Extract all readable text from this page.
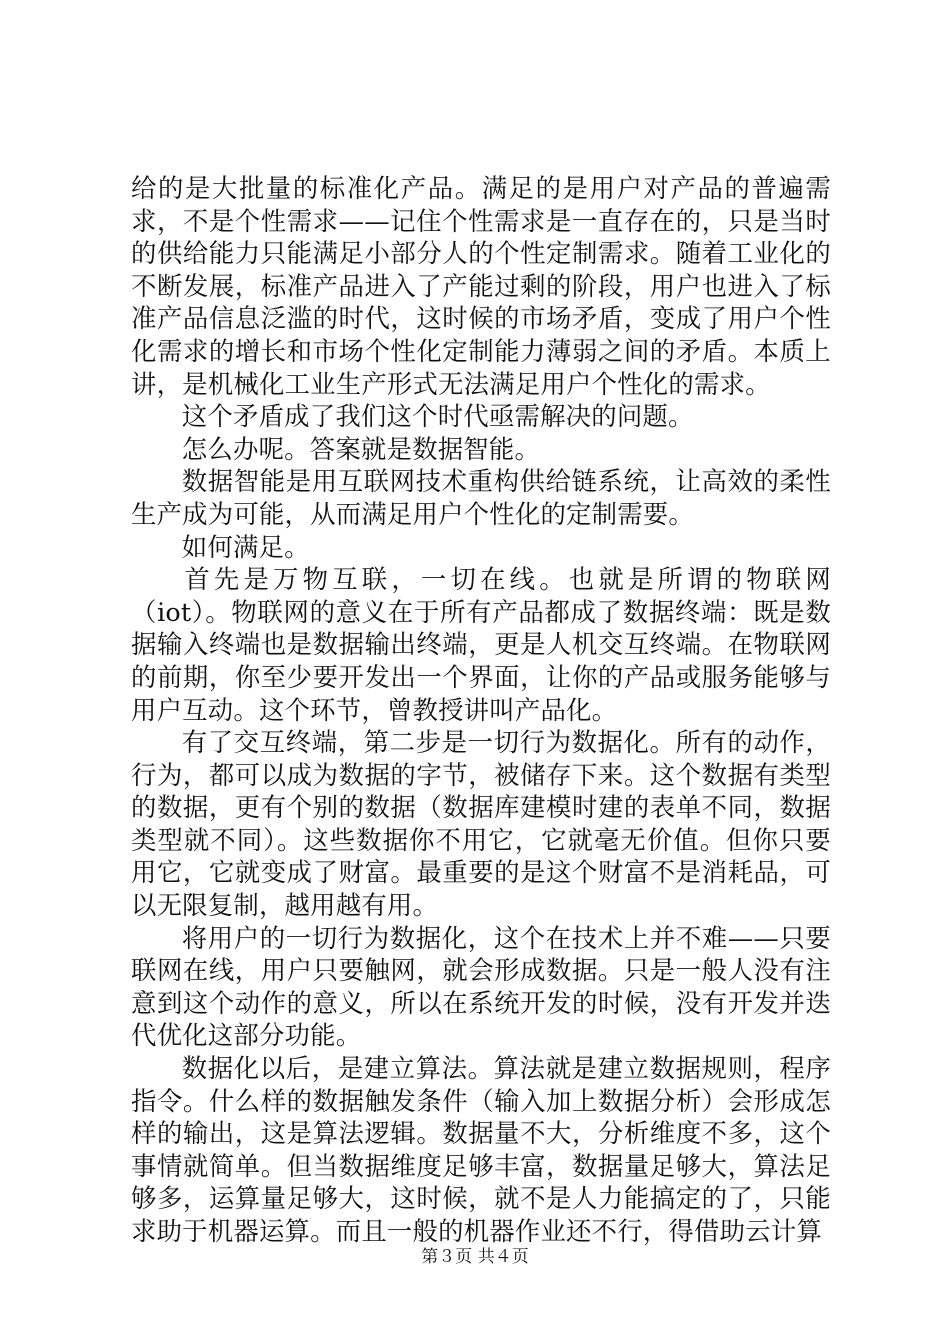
给的是大批量的标准化产品。满足的是用户对产品的普遍需求，不是个性需求——记住个性需求是一直存在的，只是当时的供给能力只能满足小部分人的个性定制需求。随着工业化的不断发展，标准产品进入了产能过剩的阶段，用户也进入了标准产品信息泛滥的时代，这时候的市场矛盾，变成了用户个性化需求的增长和市场个性化定制能力薄弱之间的矛盾。本质上讲，是机械化工业生产形式无法满足用户个性化的需求。

这个矛盾成了我们这个时代亟需解决的问题。

怎么办呢。答案就是数据智能。

数据智能是用互联网技术重构供给链系统，让高效的柔性生产成为可能，从而满足用户个性化的定制需要。

如何满足。

首先是万物互联，一切在线。也就是所谓的物联网（iot）。物联网的意义在于所有产品都成了数据终端：既是数据输入终端也是数据输出终端，更是人机交互终端。在物联网的前期，你至少要开发出一个界面，让你的产品或服务能够与用户互动。这个环节，曾教授讲叫产品化。

有了交互终端，第二步是一切行为数据化。所有的动作，行为，都可以成为数据的字节，被储存下来。这个数据有类型的数据，更有个别的数据（数据库建模时建的表单不同，数据类型就不同）。这些数据你不用它，它就毫无价值。但你只要用它，它就变成了财富。最重要的是这个财富不是消耗品，可以无限复制，越用越有用。

将用户的一切行为数据化，这个在技术上并不难——只要联网在线，用户只要触网，就会形成数据。只是一般人没有注意到这个动作的意义，所以在系统开发的时候，没有开发并迭代优化这部分功能。

数据化以后，是建立算法。算法就是建立数据规则，程序指令。什么样的数据触发条件（输入加上数据分析）会形成怎样的输出，这是算法逻辑。数据量不大，分析维度不多，这个事情就简单。但当数据维度足够丰富，数据量足够大，算法足够多，运算量足够大，这时候，就不是人力能搞定的了，只能求助于机器运算。而且一般的机器作业还不行，得借助云计算

第３页 共４页
